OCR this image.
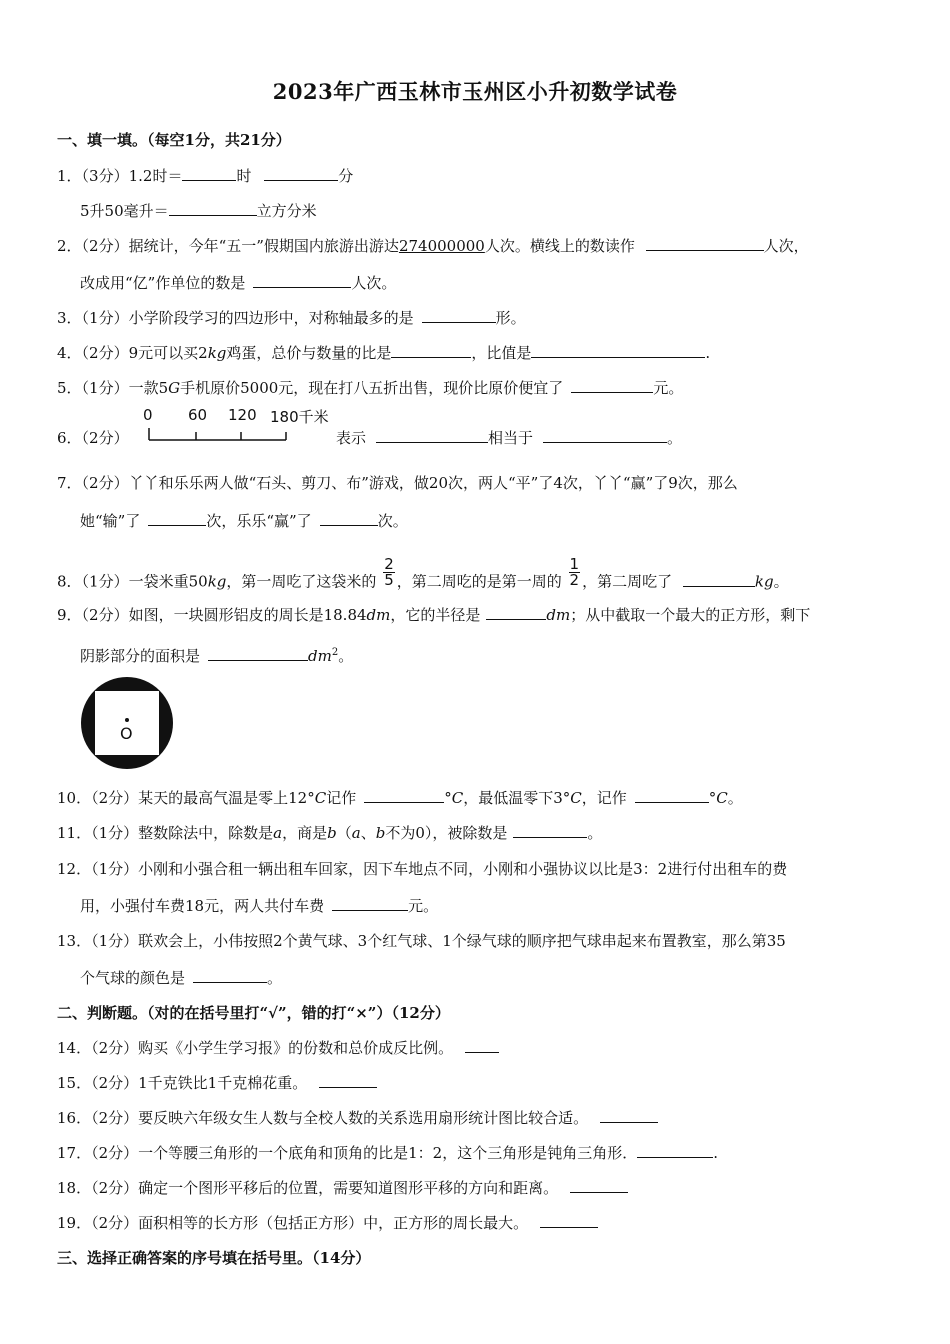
2023年广西玉林市玉州区小升初数学试卷
一、填一填。（每空1分，共21分）
1．（3分）1.2时＝	时	分
5升50毫升＝	立方分米
2．（2分）据统计，今年“五一”假期国内旅游出游达274000000人次。横线上的数读作	人次，
改成用“亿”作单位的数是	人次。
3．（1分）小学阶段学习的四边形中，对称轴最多的是	形。
4．（2分）9元可以买2kg鸡蛋，总价与数量的比是	，比值是	.
5．（1分）一款5G手机原价5000元，现在打八五折出售，现价比原价便宜了	元。
6．（2分）
0 60 120 180千米
表示	相当于	。
7．（2分）丫丫和乐乐两人做“石头、剪刀、布”游戏，做20次，两人“平”了4次，丫丫“赢”了9次，那么
她“输”了	次，乐乐“赢”了	次。
8．（1分）一袋米重50kg，第一周吃了这袋米的 $\frac{2}{5}$ ，第二周吃的是第一周的 $\frac{1}{2}$ ，第二周吃了	kg。
9．（2分）如图，一块圆形铝皮的周长是18.84dm，它的半径是	dm；从中截取一个最大的正方形，剩下
阴影部分的面积是	$dm^2$。
O
10．（2分）某天的最高气温是零上12°C记作	°C，最低温零下3°C，记作	°C。
11．（1分）整数除法中，除数是a，商是b（a、b不为0），被除数是	。
12．（1分）小刚和小强合租一辆出租车回家，因下车地点不同，小刚和小强协议以比是3：2进行付出租车的费
用，小强付车费18元，两人共付车费	元。
13．（1分）联欢会上，小伟按照2个黄气球、3个红气球、1个绿气球的顺序把气球串起来布置教室，那么第35
个气球的颜色是	。
二、判断题。（对的在括号里打“√”，错的打“×”）（12分）
14．（2分）购买《小学生学习报》的份数和总价成反比例。
15．（2分）1千克铁比1千克棉花重。
16．（2分）要反映六年级女生人数与全校人数的关系选用扇形统计图比较合适。
17．（2分）一个等腰三角形的一个底角和顶角的比是1：2，这个三角形是钝角三角形．	.
18．（2分）确定一个图形平移后的位置，需要知道图形平移的方向和距离。
19．（2分）面积相等的长方形（包括正方形）中，正方形的周长最大。
三、选择正确答案的序号填在括号里。（14分）
